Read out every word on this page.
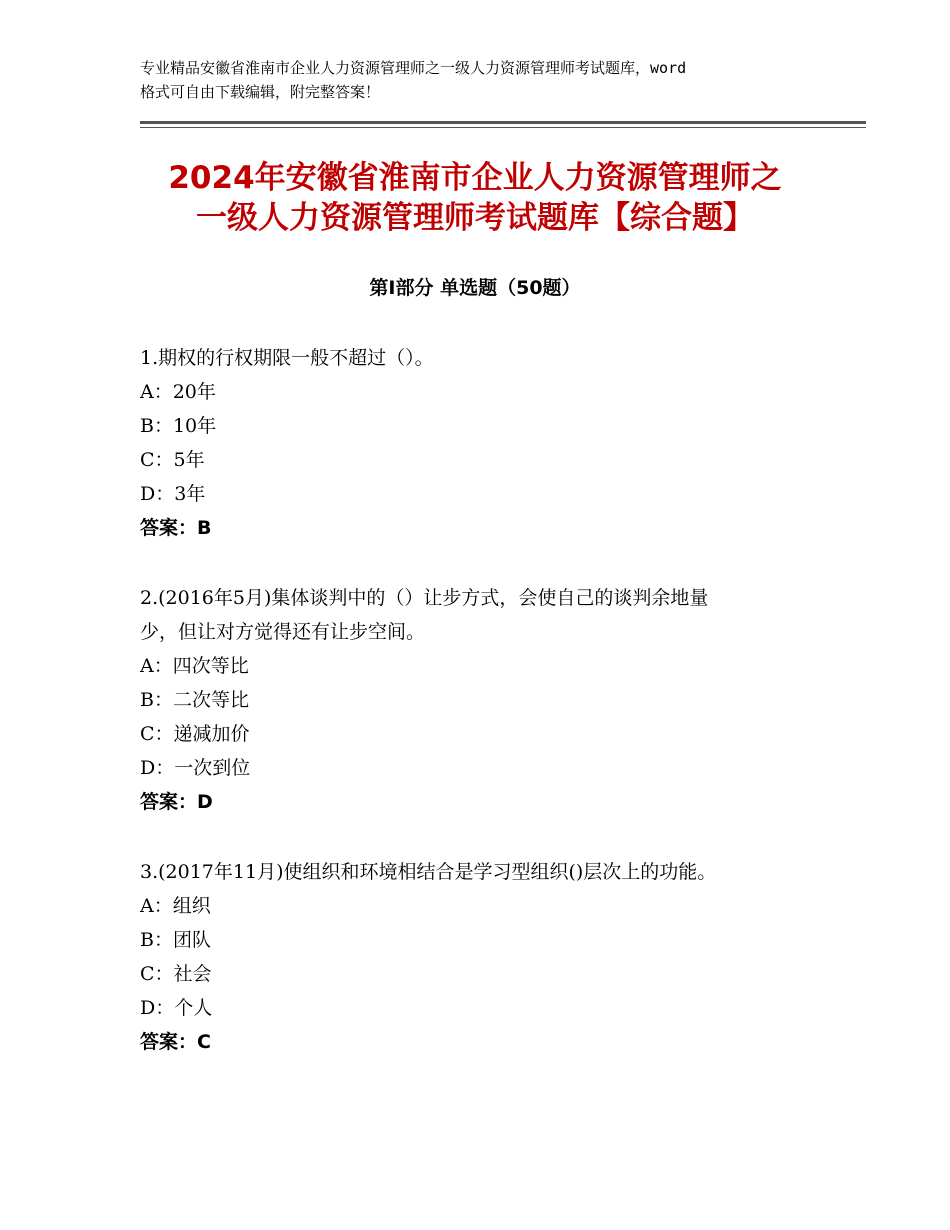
专业精品安徽省淮南市企业人力资源管理师之一级人力资源管理师考试题库，word
格式可自由下载编辑，附完整答案！
2024年安徽省淮南市企业人力资源管理师之
一级人力资源管理师考试题库【综合题】
第Ⅰ部分 单选题（50题）
1.期权的行权期限一般不超过（）。
A：20年
B：10年
C：5年
D：3年
答案：B
2.(2016年5月)集体谈判中的（）让步方式，会使自己的谈判余地量
少，但让对方觉得还有让步空间。
A：四次等比
B：二次等比
C：递减加价
D：一次到位
答案：D
3.(2017年11月)使组织和环境相结合是学习型组织()层次上的功能。
A：组织
B：团队
C：社会
D：个人
答案：C
